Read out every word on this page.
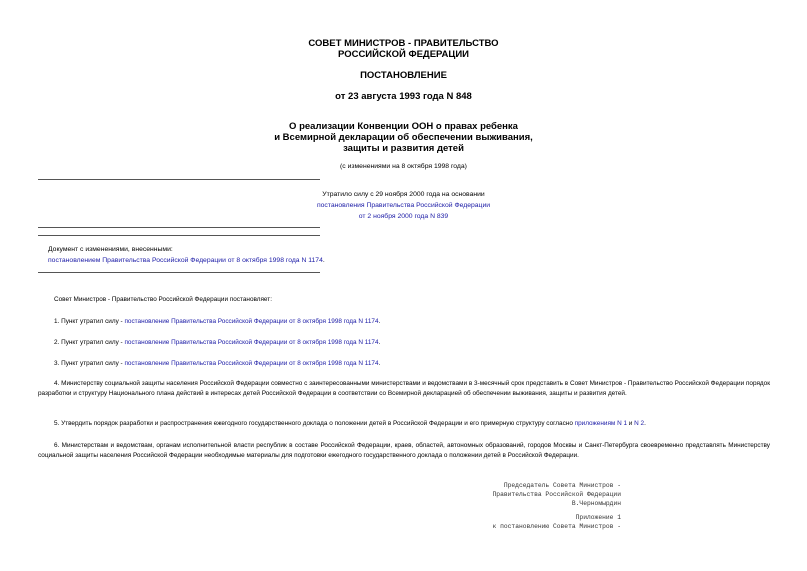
СОВЕТ МИНИСТРОВ - ПРАВИТЕЛЬСТВО
РОССИЙСКОЙ ФЕДЕРАЦИИ
ПОСТАНОВЛЕНИЕ
от 23 августа 1993 года N 848
О реализации Конвенции ООН о правах ребенка
и Всемирной декларации об обеспечении выживания,
защиты и развития детей
(с изменениями на 8 октября 1998 года)
Утратило силу с 29 ноября 2000 года на основании
постановления Правительства Российской Федерации
от 2 ноября 2000 года N 839
Документ с изменениями, внесенными:
постановлением Правительства Российской Федерации от 8 октября 1998 года N 1174.
Совет Министров - Правительство Российской Федерации постановляет:
1. Пункт утратил силу - постановление Правительства Российской Федерации от 8 октября 1998 года N 1174.
2. Пункт утратил силу - постановление Правительства Российской Федерации от 8 октября 1998 года N 1174.
3. Пункт утратил силу - постановление Правительства Российской Федерации от 8 октября 1998 года N 1174.
4. Министерству социальной защиты населения Российской Федерации совместно с заинтересованными министерствами и ведомствами в 3-месячный срок представить в Совет Министров - Правительство Российской Федерации порядок разработки и структуру Национального плана действий в интересах детей Российской Федерации в соответствии со Всемирной декларацией об обеспечении выживания, защиты и развития детей.
5. Утвердить порядок разработки и распространения ежегодного государственного доклада о положении детей в Российской Федерации и его примерную структуру согласно приложениям N 1 и N 2.
6. Министерствам и ведомствам, органам исполнительной власти республик в составе Российской Федерации, краев, областей, автономных образований, городов Москвы и Санкт-Петербурга своевременно представлять Министерству социальной защиты населения Российской Федерации необходимые материалы для подготовки ежегодного государственного доклада о положении детей в Российской Федерации.
Председатель Совета Министров -
Правительства Российской Федерации
В.Черномырдин
Приложение 1
к постановлению Совета Министров -
